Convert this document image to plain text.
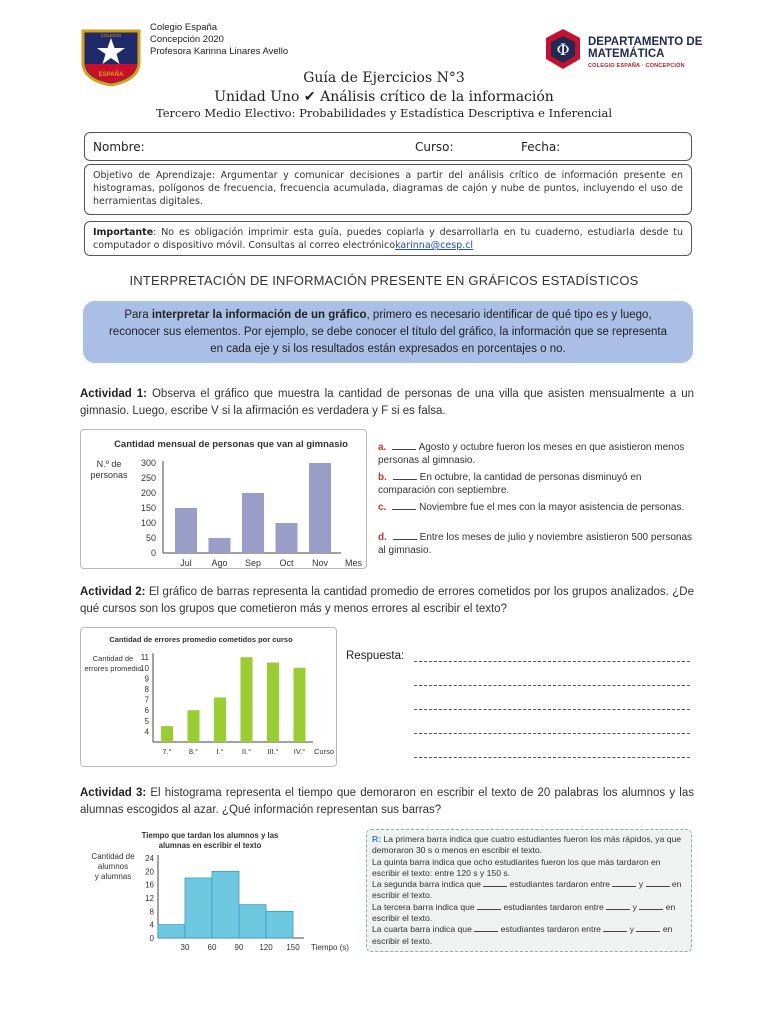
COLEGIO
ESPAÑA
Colegio España
Concepción 2020
Profesora Karinna Linares Avello	Φ DEPARTAMENTO DE
MATEMÁTICA
COLEGIO ESPAÑA · CONCEPCIÓN
Guía de Ejercicios N°3
Unidad Uno ✔ Análisis crítico de la información
Tercero Medio Electivo: Probabilidades y Estadística Descriptiva e Inferencial
Nombre:	Curso:	Fecha:
Objetivo de Aprendizaje: Argumentar y comunicar decisiones a partir del análisis crítico de información presente en histogramas, polígonos de frecuencia, frecuencia acumulada, diagramas de cajón y nube de puntos, incluyendo el uso de herramientas digitales.
Importante: No es obligación imprimir esta guía, puedes copiarla y desarrollarla en tu cuaderno, estudiarla desde tu computador o dispositivo móvil. Consultas al correo electrónicokarinna@cesp.cl
INTERPRETACIÓN DE INFORMACIÓN PRESENTE EN GRÁFICOS ESTADÍSTICOS
Para interpretar la información de un gráfico, primero es necesario identificar de qué tipo es y luego, reconocer sus elementos. Por ejemplo, se debe conocer el título del gráfico, la información que se representa en cada eje y si los resultados están expresados en porcentajes o no.
Actividad 1: Observa el gráfico que muestra la cantidad de personas de una villa que asisten mensualmente a un gimnasio. Luego, escribe V si la afirmación es verdadera y F si es falsa.
Cantidad mensual de personas que van al gimnasio
N.º de
personas
0
50
100
150
200
250
300
Jul Ago Sep Oct Nov Mes
a.	Agosto y octubre fueron los meses en que asistieron menos personas al gimnasio.
b.	En octubre, la cantidad de personas disminuyó en comparación con septiembre.
c.	Noviembre fue el mes con la mayor asistencia de personas.
d.	Entre los meses de julio y noviembre asistieron 500 personas al gimnasio.
Actividad 2: El gráfico de barras representa la cantidad promedio de errores cometidos por los grupos analizados. ¿De qué cursos son los grupos que cometieron más y menos errores al escribir el texto?
Cantidad de errores promedio cometidos por curso
Cantidad de
errores promedio
4
5
6
7
8
9
10
11
7.° 8.° I.° II.° III.° IV.° Curso
Respuesta:
Actividad 3: El histograma representa el tiempo que demoraron en escribir el texto de 20 palabras los alumnos y las alumnas escogidos al azar. ¿Qué información representan sus barras?
Tiempo que tardan los alumnos y las
alumnas en escribir el texto
Cantidad de
alumnos
y alumnas
0
4
8
12
16
20
24
30 60 90 120 150 Tiempo (s)
R: La primera barra indica que cuatro estudiantes fueron los más rápidos, ya que demoraron 30 s o menos en escribir el texto.
La quinta barra indica que ocho estudiantes fueron los que más tardaron en escribir el texto: entre 120 s y 150 s.
La segunda barra indica que	estudiantes tardaron entre	y	en escribir el texto.
La tercera barra indica que	estudiantes tardaron entre	y	en escribir el texto.
La cuarta barra indica que	estudiantes tardaron entre	y	en escribir el texto.
